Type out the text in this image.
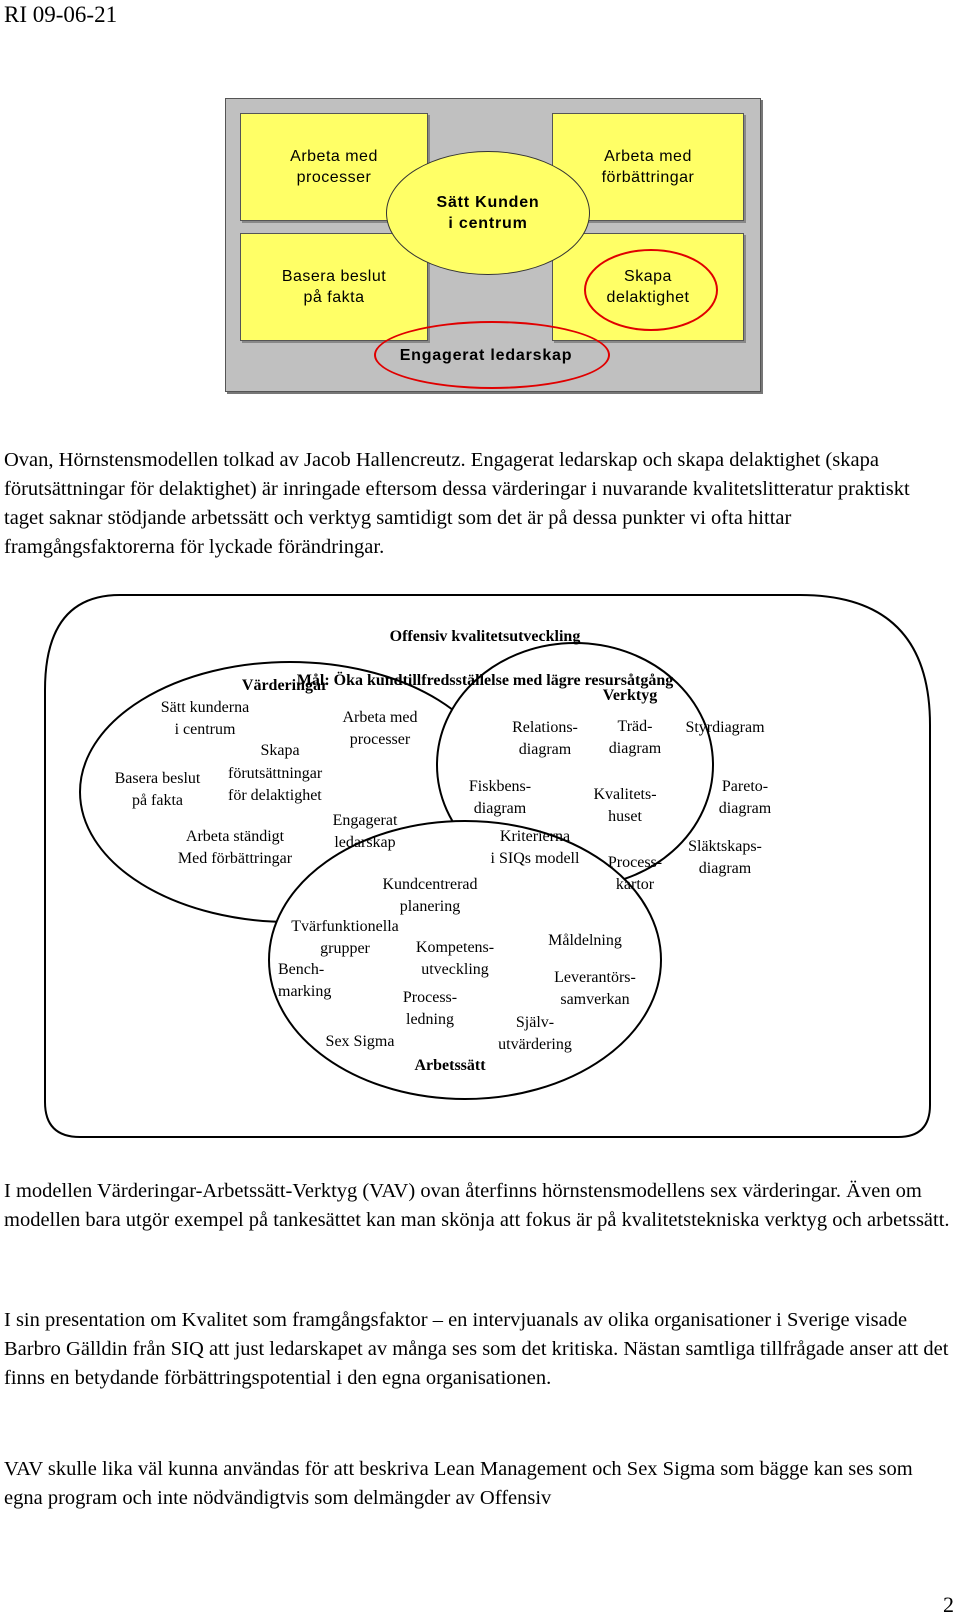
RI 09-06-21
Arbeta med
processer
Arbeta med
förbättringar
Basera beslut
på fakta
Skapa
delaktighet
Sätt Kunden
i centrum
Engagerat ledarskap

Ovan, Hörnstensmodellen tolkad av Jacob Hallencreutz. Engagerat ledarskap och skapa delaktighet (skapa förutsättningar för delaktighet) är inringade eftersom dessa värderingar i nuvarande kvalitetslitteratur praktiskt taget saknar stödjande arbetssätt och verktyg samtidigt som det är på dessa punkter vi ofta hittar framgångsfaktorerna för lyckade förändringar.

Offensiv kvalitetsutveckling

Mål: Öka kundtillfredsställelse med lägre resursåtgång

Värderingar
Sätt kunderna
i centrum
Arbeta med
processer
Skapa
förutsättningar
för delaktighet
Basera beslut
på fakta
Engagerat
ledarskap
Arbeta ständigt
Med förbättringar
Verktyg
Relations-
diagram
Träd-
diagram
Styrdiagram
Fiskbens-
diagram
Kvalitets-
huset
Pareto-
diagram
Kriterierna
i SIQs modell	Process-
kartor
Släktskaps-
diagram
Kundcentrerad
planering
Tvärfunktionella
grupper	Kompetens-
utveckling
Måldelning
Bench-
marking
Leverantörs-
samverkan
Process-
ledning	Själv-
utvärdering
Sex Sigma
Arbetssätt

I modellen Värderingar-Arbetssätt-Verktyg (VAV) ovan återfinns hörnstensmodellens sex värderingar. Även om modellen bara utgör exempel på tankesättet kan man skönja att fokus är på kvalitetstekniska verktyg och arbetssätt.

I sin presentation om Kvalitet som framgångsfaktor – en intervjuanals av olika organisationer i Sverige visade Barbro Gälldin från SIQ att just ledarskapet av många ses som det kritiska. Nästan samtliga tillfrågade anser att det finns en betydande förbättringspotential i den egna organisationen.

VAV skulle lika väl kunna användas för att beskriva Lean Management och Sex Sigma som bägge kan ses som egna program och inte nödvändigtvis som delmängder av Offensiv

2
